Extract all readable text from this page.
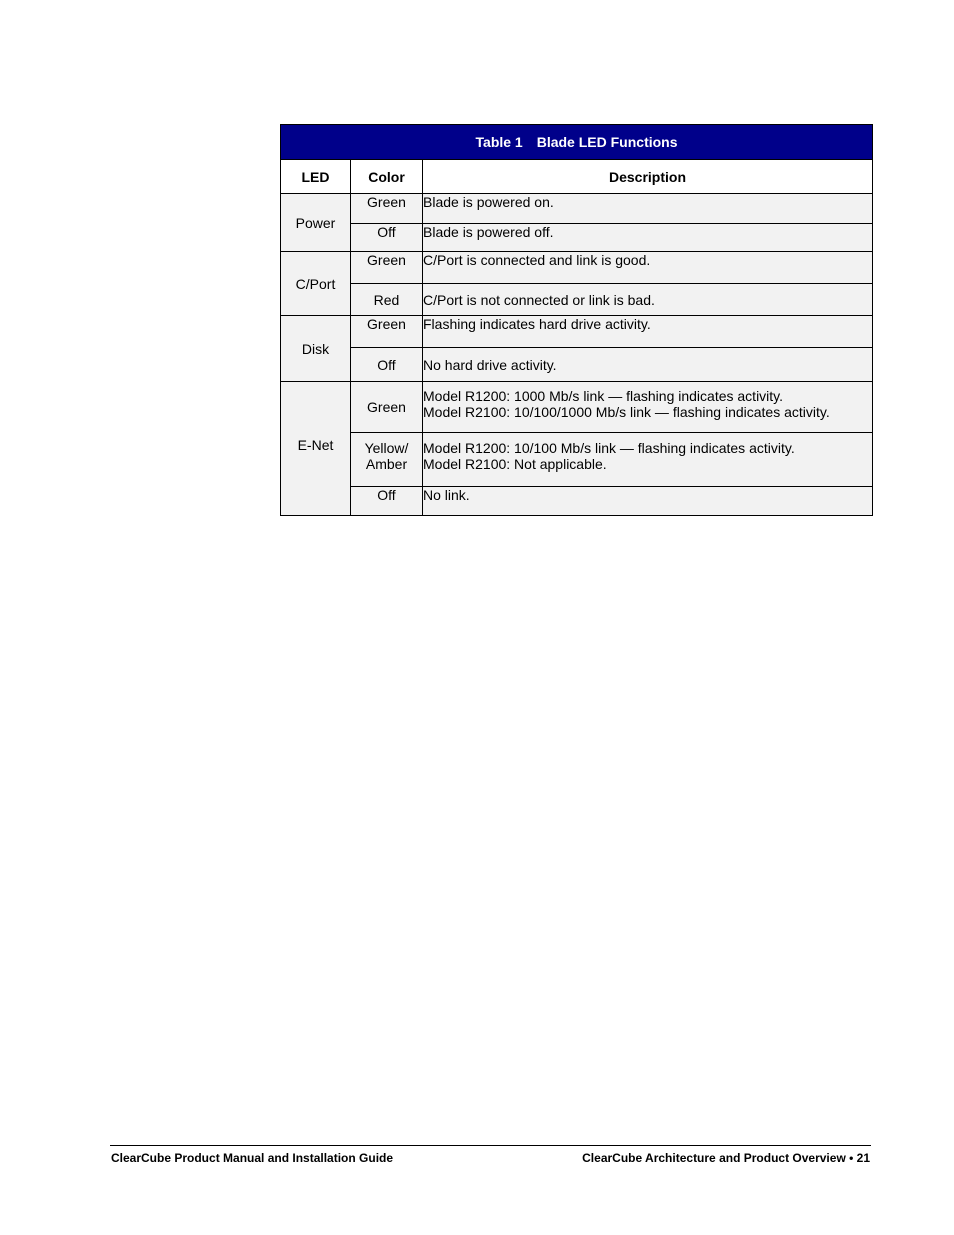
Table 1 Blade LED Functions		
LED	Color	Description
Power	Green	Blade is powered on.

	Off	Blade is powered off.

C/Port	Green	C/Port is connected and link is good.

	Red	C/Port is not connected or link is bad.

Disk	Green	Flashing indicates hard drive activity.

	Off	No hard drive activity.

E-Net	Green	Model R1200: 1000 Mb/s link — flashing indicates activity.
Model R2100: 10/100/1000 Mb/s link — flashing indicates activity.

	Yellow/
Amber	Model R1200: 10/100 Mb/s link — flashing indicates activity.
Model R2100: Not applicable.

	Off	No link.
ClearCube Product Manual and Installation Guide	ClearCube Architecture and Product Overview • 21
